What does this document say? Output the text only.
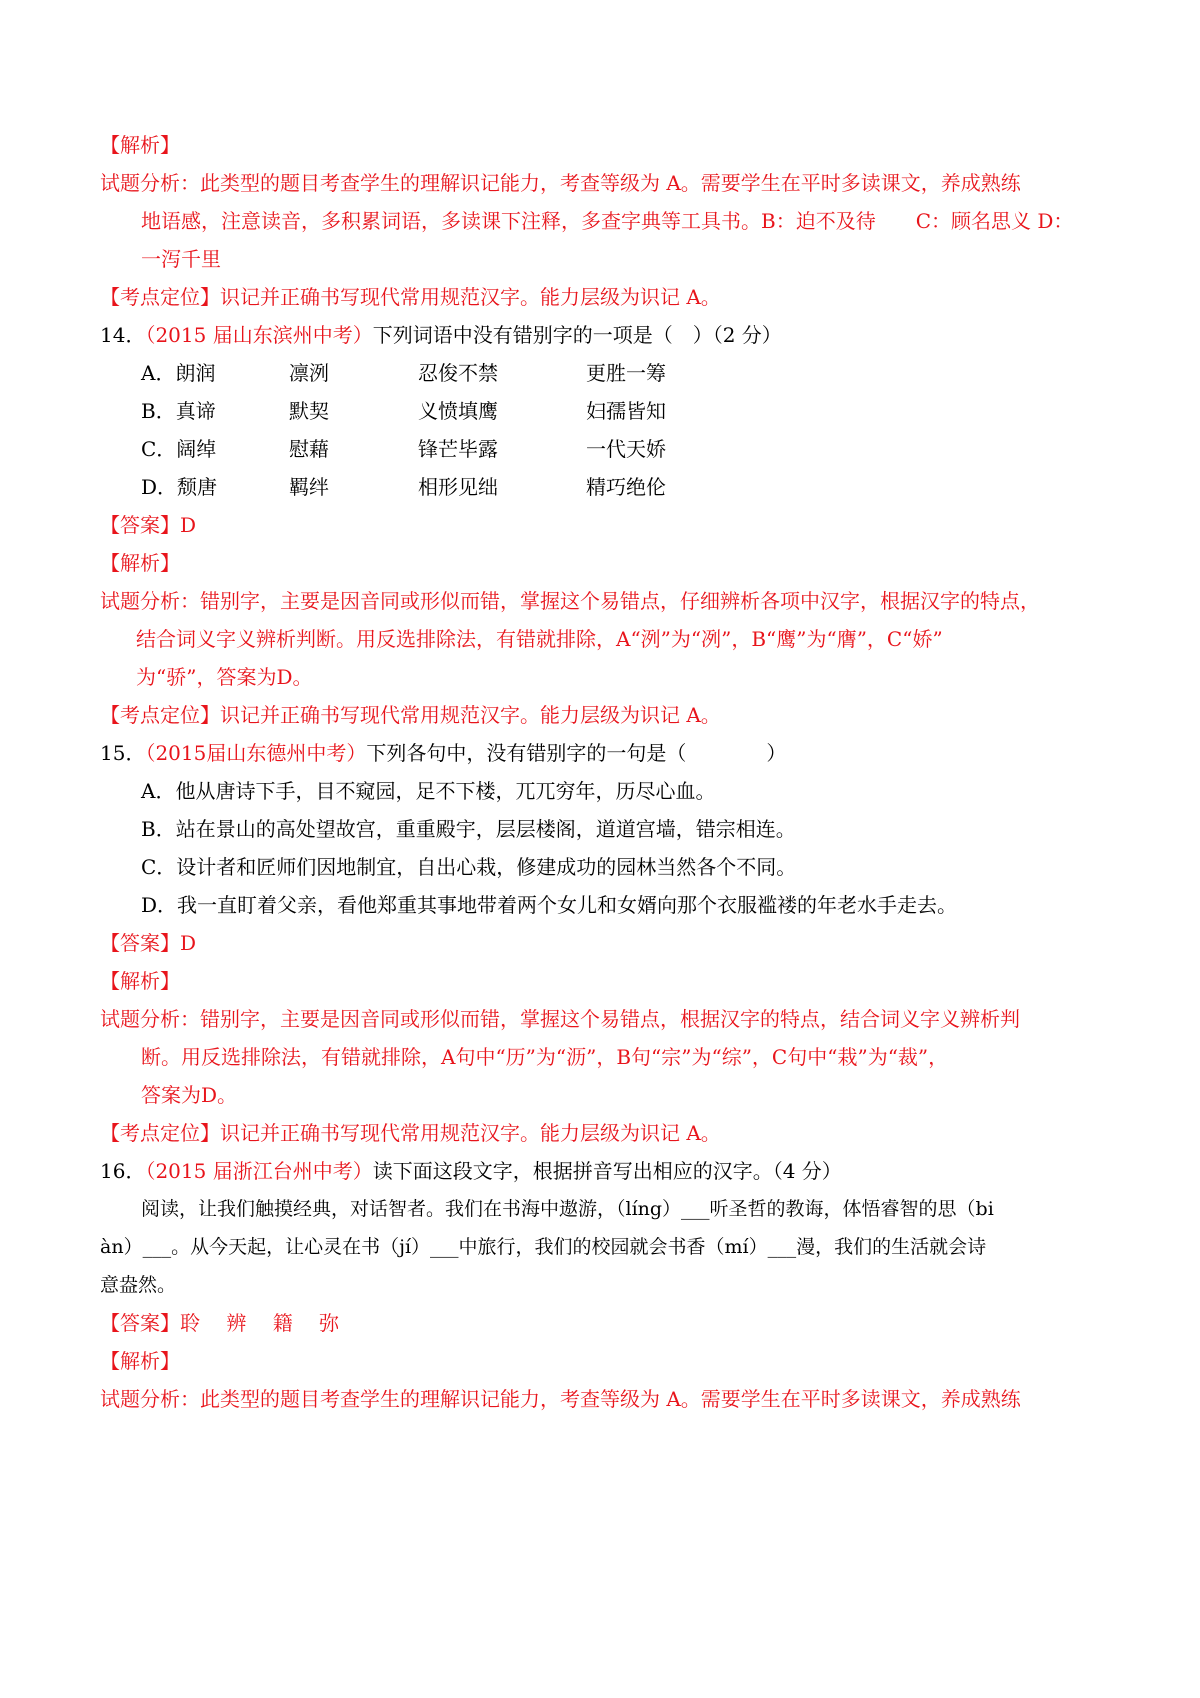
【解析】
试题分析：此类型的题目考查学生的理解识记能力，考查等级为 A。需要学生在平时多读课文，养成熟练
地语感，注意读音，多积累词语，多读课下注释，多查字典等工具书。B：迫不及待　　C：顾名思义 D：
一泻千里
【考点定位】识记并正确书写现代常用规范汉字。能力层级为识记 A。
14．（2015 届山东滨州中考）下列词语中没有错别字的一项是（　）（2 分）
A．朗润	凛洌	忍俊不禁	更胜一筹
B．真谛	默契	义愤填鹰	妇孺皆知
C．阔绰	慰藉	锋芒毕露	一代天娇
D．颓唐	羁绊	相形见绌	精巧绝伦
【答案】D
【解析】
试题分析：错别字，主要是因音同或形似而错，掌握这个易错点，仔细辨析各项中汉字，根据汉字的特点，
结合词义字义辨析判断。用反选排除法，有错就排除，A“洌”为“冽”，B“鹰”为“膺”，C“娇”
为“骄”，答案为D。
【考点定位】识记并正确书写现代常用规范汉字。能力层级为识记 A。
15．（2015届山东德州中考）下列各句中，没有错别字的一句是（　　　　）
A．他从唐诗下手，目不窥园，足不下楼，兀兀穷年，历尽心血。
B．站在景山的高处望故宫，重重殿宇，层层楼阁，道道宫墙，错宗相连。
C．设计者和匠师们因地制宜，自出心栽，修建成功的园林当然各个不同。
D．我一直盯着父亲，看他郑重其事地带着两个女儿和女婿向那个衣服褴褛的年老水手走去。
【答案】D
【解析】
试题分析：错别字，主要是因音同或形似而错，掌握这个易错点，根据汉字的特点，结合词义字义辨析判
断。用反选排除法，有错就排除，A句中“历”为“沥”，B句“宗”为“综”，C句中“栽”为“裁”，
答案为D。
【考点定位】识记并正确书写现代常用规范汉字。能力层级为识记 A。
16．（2015 届浙江台州中考）读下面这段文字，根据拼音写出相应的汉字。（4 分）
阅读，让我们触摸经典，对话智者。我们在书海中遨游，（líng）___听圣哲的教诲，体悟睿智的思（bi
àn）___。从今天起，让心灵在书（jí）___中旅行，我们的校园就会书香（mí）___漫，我们的生活就会诗
意盎然。
【答案】聆　 辨　 籍　 弥
【解析】
试题分析：此类型的题目考查学生的理解识记能力，考查等级为 A。需要学生在平时多读课文，养成熟练
